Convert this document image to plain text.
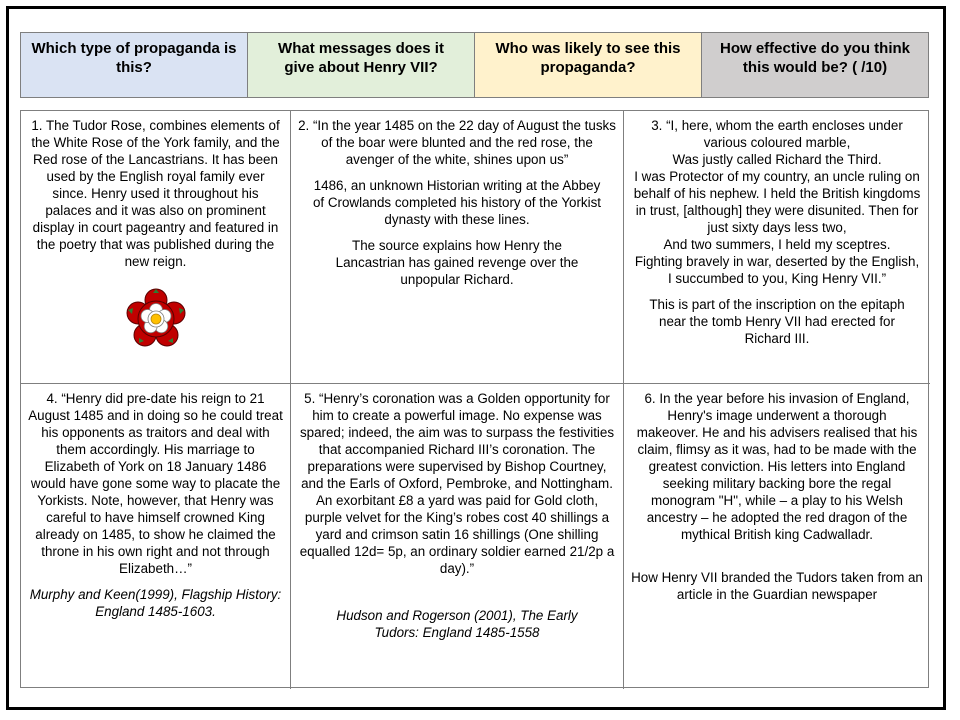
Which type of propaganda is this?
What messages does it give about Henry VII?
Who was likely to see this propaganda?
How effective do you think this would be? ( /10)

1. The Tudor Rose, combines elements of the White Rose of the York family, and the Red rose of the Lancastrians. It has been used by the English royal family ever since. Henry used it throughout his palaces and it was also on prominent display in court pageantry and featured in the poetry that was published during the new reign.

2. “In the year 1485 on the 22 day of August the tusks of the boar were blunted and the red rose, the avenger of the white, shines upon us”

1486, an unknown Historian writing at the Abbey of Crowlands completed his history of the Yorkist dynasty with these lines.

The source explains how Henry the Lancastrian has gained revenge over the unpopular Richard.

3. “I, here, whom the earth encloses under various coloured marble,

Was justly called Richard the Third.

I was Protector of my country, an uncle ruling on behalf of his nephew. I held the British kingdoms in trust, [although] they were disunited. Then for just sixty days less two,

And two summers, I held my sceptres.

Fighting bravely in war, deserted by the English,

I succumbed to you, King Henry VII.”

This is part of the inscription on the epitaph near the tomb Henry VII had erected for Richard III.

4. “Henry did pre-date his reign to 21 August 1485 and in doing so he could treat his opponents as traitors and deal with them accordingly. His marriage to Elizabeth of York on 18 January 1486 would have gone some way to placate the Yorkists. Note, however, that Henry was careful to have himself crowned King already on 1485, to show he claimed the throne in his own right and not through Elizabeth…”

Murphy and Keen(1999), Flagship History: England 1485-1603.

5. “Henry’s coronation was a Golden opportunity for him to create a powerful image. No expense was spared; indeed, the aim was to surpass the festivities that accompanied Richard III’s coronation. The preparations were supervised by Bishop Courtney, and the Earls of Oxford, Pembroke, and Nottingham. An exorbitant £8 a yard was paid for Gold cloth, purple velvet for the King’s robes cost 40 shillings a yard and crimson satin 16 shillings (One shilling equalled 12d= 5p, an ordinary soldier earned 21/2p a day).”

Hudson and Rogerson (2001), The Early Tudors: England 1485-1558

6. In the year before his invasion of England, Henry's image underwent a thorough makeover. He and his advisers realised that his claim, flimsy as it was, had to be made with the greatest conviction. His letters into England seeking military backing bore the regal monogram "H", while – a play to his Welsh ancestry – he adopted the red dragon of the mythical British king Cadwalladr.

How Henry VII branded the Tudors taken from an article in the Guardian newspaper
